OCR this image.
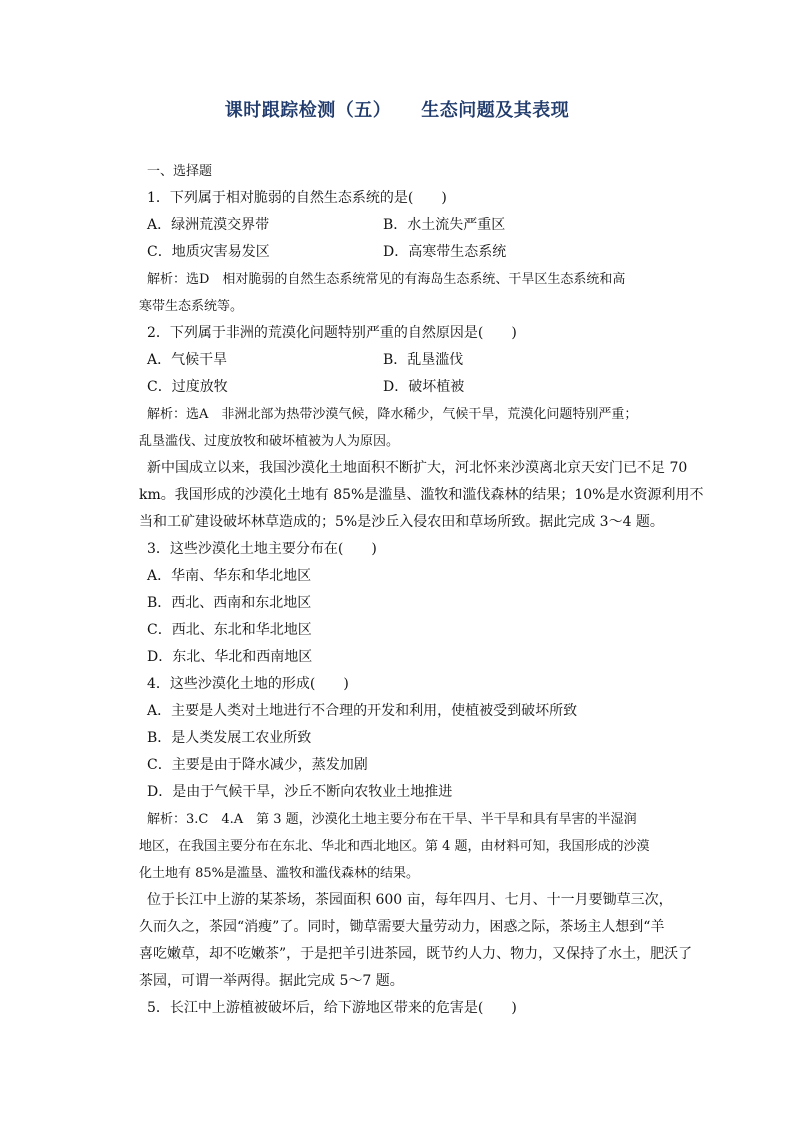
课时跟踪检测（五） 生态问题及其表现
一、选择题
1．下列属于相对脆弱的自然生态系统的是(　　)
A．绿洲荒漠交界带	B．水土流失严重区
C．地质灾害易发区	D．高寒带生态系统
解析：选D　相对脆弱的自然生态系统常见的有海岛生态系统、干旱区生态系统和高
寒带生态系统等。
2．下列属于非洲的荒漠化问题特别严重的自然原因是(　　)
A．气候干旱	B．乱垦滥伐
C．过度放牧	D．破坏植被
解析：选A　非洲北部为热带沙漠气候，降水稀少，气候干旱，荒漠化问题特别严重；
乱垦滥伐、过度放牧和破坏植被为人为原因。
新中国成立以来，我国沙漠化土地面积不断扩大，河北怀来沙漠离北京天安门已不足 70
km。我国形成的沙漠化土地有 85%是滥垦、滥牧和滥伐森林的结果；10%是水资源利用不
当和工矿建设破坏林草造成的；5%是沙丘入侵农田和草场所致。据此完成 3～4 题。
3．这些沙漠化土地主要分布在(　　)
A．华南、华东和华北地区
B．西北、西南和东北地区
C．西北、东北和华北地区
D．东北、华北和西南地区
4．这些沙漠化土地的形成(　　)
A．主要是人类对土地进行不合理的开发和利用，使植被受到破坏所致
B．是人类发展工农业所致
C．主要是由于降水减少，蒸发加剧
D．是由于气候干旱，沙丘不断向农牧业土地推进
解析：3.C　4.A　第 3 题，沙漠化土地主要分布在干旱、半干旱和具有旱害的半湿润
地区，在我国主要分布在东北、华北和西北地区。第 4 题，由材料可知，我国形成的沙漠
化土地有 85%是滥垦、滥牧和滥伐森林的结果。
位于长江中上游的某茶场，茶园面积 600 亩，每年四月、七月、十一月要锄草三次，
久而久之，茶园“消瘦”了。同时，锄草需要大量劳动力，困惑之际，茶场主人想到“羊
喜吃嫩草，却不吃嫩茶”，于是把羊引进茶园，既节约人力、物力，又保持了水土，肥沃了
茶园，可谓一举两得。据此完成 5～7 题。
5．长江中上游植被破坏后，给下游地区带来的危害是(　　)
